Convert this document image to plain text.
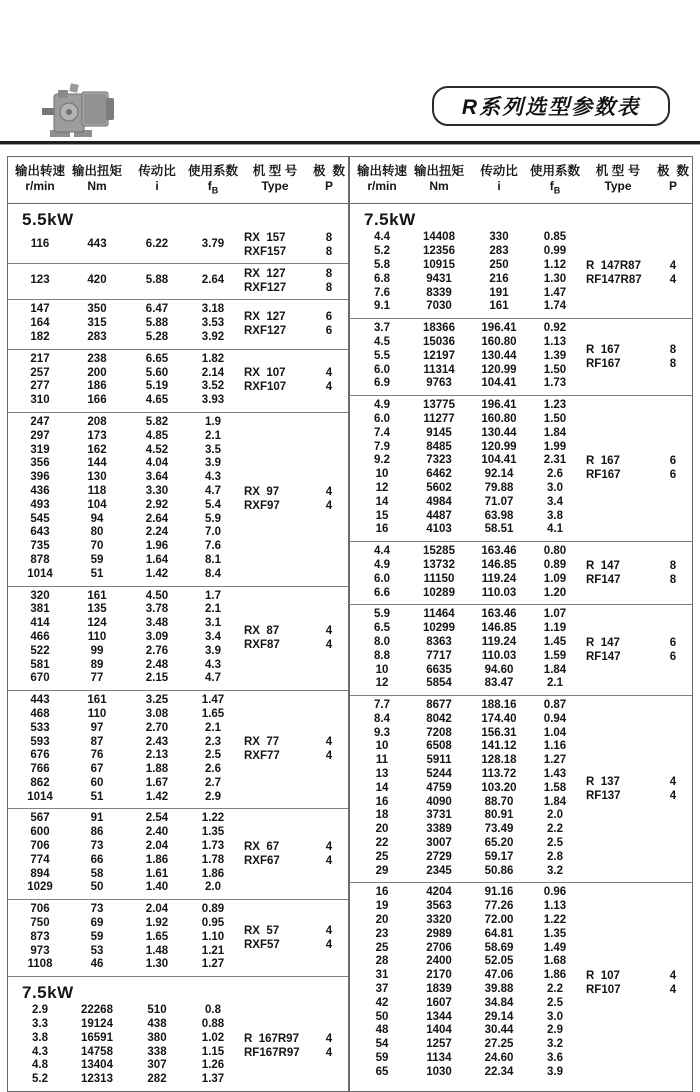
R系列选型参数表
输出转速 输出扭矩	传动比 使用系数	机 型 号	极  数
r/min	Nm	i	$f_B$	Type	P
5.5kW
116	443	6.22	3.79
RX  157	8
RXF157	8
123	420	5.88	2.64
RX  127	8
RXF127	8
147	350	6.47	3.18
164	315	5.88	3.53
182	283	5.28	3.92
RX  127	6
RXF127	6
217	238	6.65	1.82
257	200	5.60	2.14
277	186	5.19	3.52
310	166	4.65	3.93
RX  107	4
RXF107	4
247	208	5.82	1.9
297	173	4.85	2.1
319	162	4.52	3.5
356	144	4.04	3.9
396	130	3.64	4.3
436	118	3.30	4.7
493	104	2.92	5.4
545	94	2.64	5.9
643	80	2.24	7.0
735	70	1.96	7.6
878	59	1.64	8.1
1014	51	1.42	8.4
RX  97	4
RXF97	4
320	161	4.50	1.7
381	135	3.78	2.1
414	124	3.48	3.1
466	110	3.09	3.4
522	99	2.76	3.9
581	89	2.48	4.3
670	77	2.15	4.7
RX  87	4
RXF87	4
443	161	3.25	1.47
468	110	3.08	1.65
533	97	2.70	2.1
593	87	2.43	2.3
676	76	2.13	2.5
766	67	1.88	2.6
862	60	1.67	2.7
1014	51	1.42	2.9
RX  77	4
RXF77	4
567	91	2.54	1.22
600	86	2.40	1.35
706	73	2.04	1.73
774	66	1.86	1.78
894	58	1.61	1.86
1029	50	1.40	2.0
RX  67	4
RXF67	4
706	73	2.04	0.89
750	69	1.92	0.95
873	59	1.65	1.10
973	53	1.48	1.21
1108	46	1.30	1.27
RX  57	4
RXF57	4
7.5kW
2.9	22268	510	0.8
3.3	19124	438	0.88
3.8	16591	380	1.02
4.3	14758	338	1.15
4.8	13404	307	1.26
5.2	12313	282	1.37
R  167R97	4
RF167R97	4
输出转速 输出扭矩	传动比 使用系数	机 型 号	极  数
r/min	Nm	i	$f_B$	Type	P
7.5kW
4.4	14408	330	0.85
5.2	12356	283	0.99
5.8	10915	250	1.12
6.8	9431	216	1.30
7.6	8339	191	1.47
9.1	7030	161	1.74
R  147R87	4
RF147R87	4
3.7	18366	196.41	0.92
4.5	15036	160.80	1.13
5.5	12197	130.44	1.39
6.0	11314	120.99	1.50
6.9	9763	104.41	1.73
R  167	8
RF167	8
4.9	13775	196.41	1.23
6.0	11277	160.80	1.50
7.4	9145	130.44	1.84
7.9	8485	120.99	1.99
9.2	7323	104.41	2.31
10	6462	92.14	2.6
12	5602	79.88	3.0
14	4984	71.07	3.4
15	4487	63.98	3.8
16	4103	58.51	4.1
R  167	6
RF167	6
4.4	15285	163.46	0.80
4.9	13732	146.85	0.89
6.0	11150	119.24	1.09
6.6	10289	110.03	1.20
R  147	8
RF147	8
5.9	11464	163.46	1.07
6.5	10299	146.85	1.19
8.0	8363	119.24	1.45
8.8	7717	110.03	1.59
10	6635	94.60	1.84
12	5854	83.47	2.1
R  147	6
RF147	6
7.7	8677	188.16	0.87
8.4	8042	174.40	0.94
9.3	7208	156.31	1.04
10	6508	141.12	1.16
11	5911	128.18	1.27
13	5244	113.72	1.43
14	4759	103.20	1.58
16	4090	88.70	1.84
18	3731	80.91	2.0
20	3389	73.49	2.2
22	3007	65.20	2.5
25	2729	59.17	2.8
29	2345	50.86	3.2
R  137	4
RF137	4
16	4204	91.16	0.96
19	3563	77.26	1.13
20	3320	72.00	1.22
23	2989	64.81	1.35
25	2706	58.69	1.49
28	2400	52.05	1.68
31	2170	47.06	1.86
37	1839	39.88	2.2
42	1607	34.84	2.5
50	1344	29.14	3.0
48	1404	30.44	2.9
54	1257	27.25	3.2
59	1134	24.60	3.6
65	1030	22.34	3.9
R  107	4
RF107	4
